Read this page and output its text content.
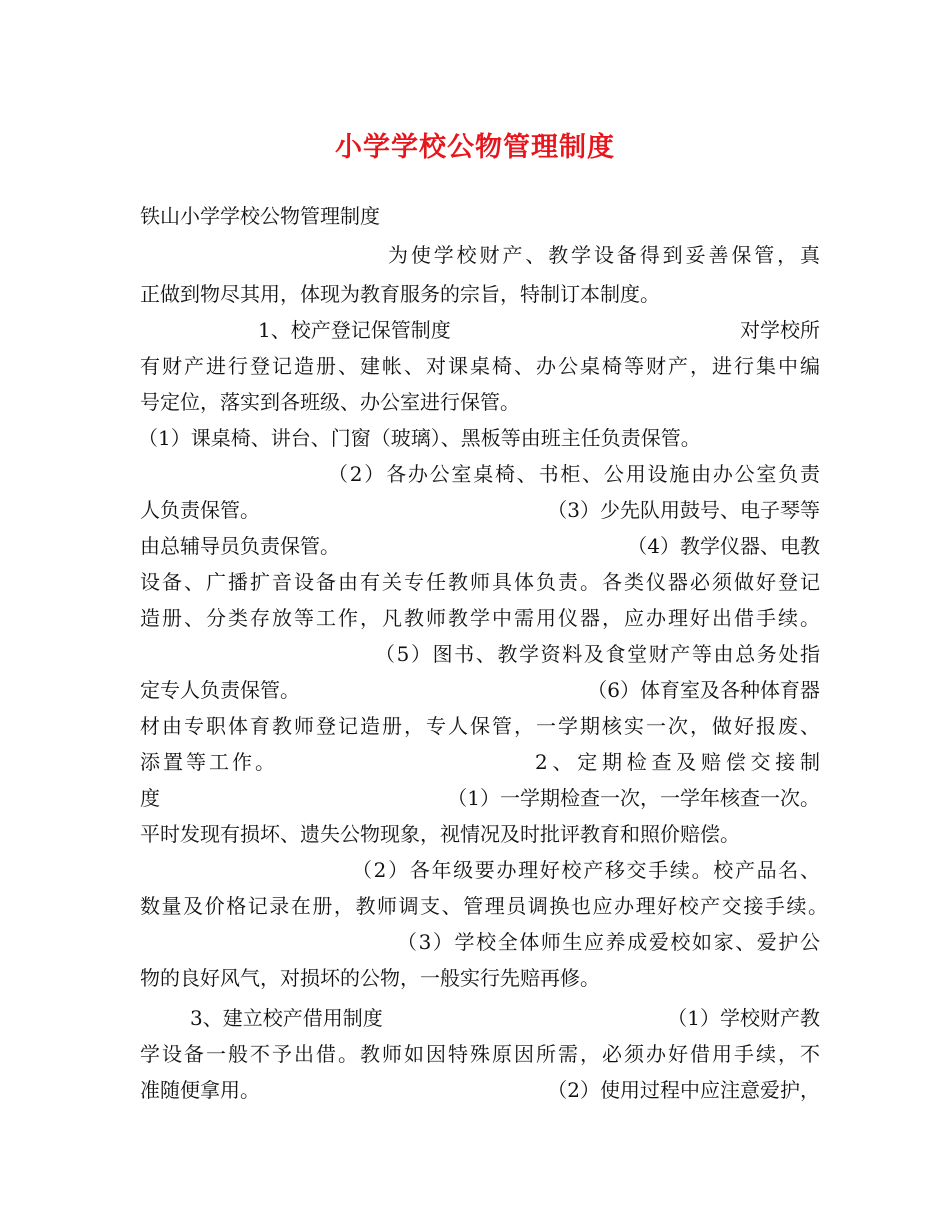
小学学校公物管理制度
铁山小学学校公物管理制度
为使学校财产、教学设备得到妥善保管，真
正做到物尽其用，体现为教育服务的宗旨，特制订本制度。
1、校产登记保管制度	对学校所
有财产进行登记造册、建帐、对课桌椅、办公桌椅等财产，进行集中编
号定位，落实到各班级、办公室进行保管。
（1）课桌椅、讲台、门窗（玻璃）、黑板等由班主任负责保管。
（2）各办公室桌椅、书柜、公用设施由办公室负责
人负责保管。	（3）少先队用鼓号、电子琴等
由总辅导员负责保管。	（4）教学仪器、电教
设备、广播扩音设备由有关专任教师具体负责。各类仪器必须做好登记
造册、分类存放等工作，凡教师教学中需用仪器，应办理好出借手续。
（5）图书、教学资料及食堂财产等由总务处指
定专人负责保管。	（6）体育室及各种体育器
材由专职体育教师登记造册，专人保管，一学期核实一次，做好报废、
添置等工作。	2、定期检查及赔偿交接制
度	（1）一学期检查一次，一学年核查一次。
平时发现有损坏、遗失公物现象，视情况及时批评教育和照价赔偿。
（2）各年级要办理好校产移交手续。校产品名、
数量及价格记录在册，教师调支、管理员调换也应办理好校产交接手续。
（3）学校全体师生应养成爱校如家、爱护公
物的良好风气，对损坏的公物，一般实行先赔再修。
3、建立校产借用制度	（1）学校财产教
学设备一般不予出借。教师如因特殊原因所需，必须办好借用手续，不
准随便拿用。	（2）使用过程中应注意爱护，
